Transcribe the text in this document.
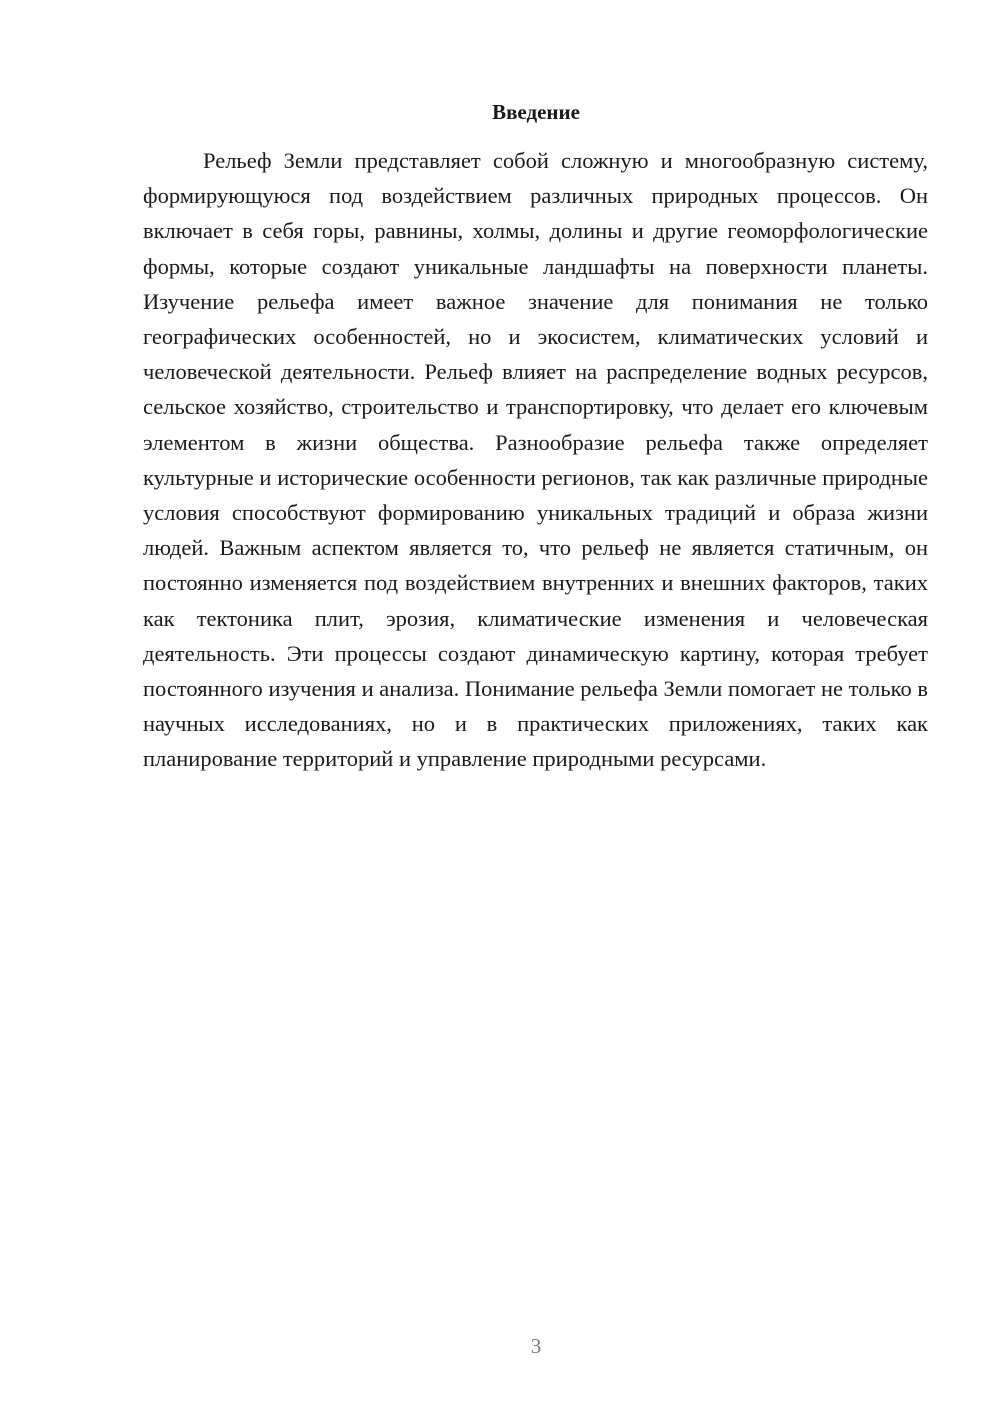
Введение

Рельеф Земли представляет собой сложную и многообразную систему, формирующуюся под воздействием различных природных процессов. Он включает в себя горы, равнины, холмы, долины и другие геоморфологические формы, которые создают уникальные ландшафты на поверхности планеты. Изучение рельефа имеет важное значение для понимания не только географических особенностей, но и экосистем, климатических условий и человеческой деятельности. Рельеф влияет на распределение водных ресурсов, сельское хозяйство, строительство и транспортировку, что делает его ключевым элементом в жизни общества. Разнообразие рельефа также определяет культурные и исторические особенности регионов, так как различные природные условия способствуют формированию уникальных традиций и образа жизни людей. Важным аспектом является то, что рельеф не является статичным, он постоянно изменяется под воздействием внутренних и внешних факторов, таких как тектоника плит, эрозия, климатические изменения и человеческая деятельность. Эти процессы создают динамическую картину, которая требует постоянного изучения и анализа. Понимание рельефа Земли помогает не только в научных исследованиях, но и в практических приложениях, таких как планирование территорий и управление природными ресурсами.

3
